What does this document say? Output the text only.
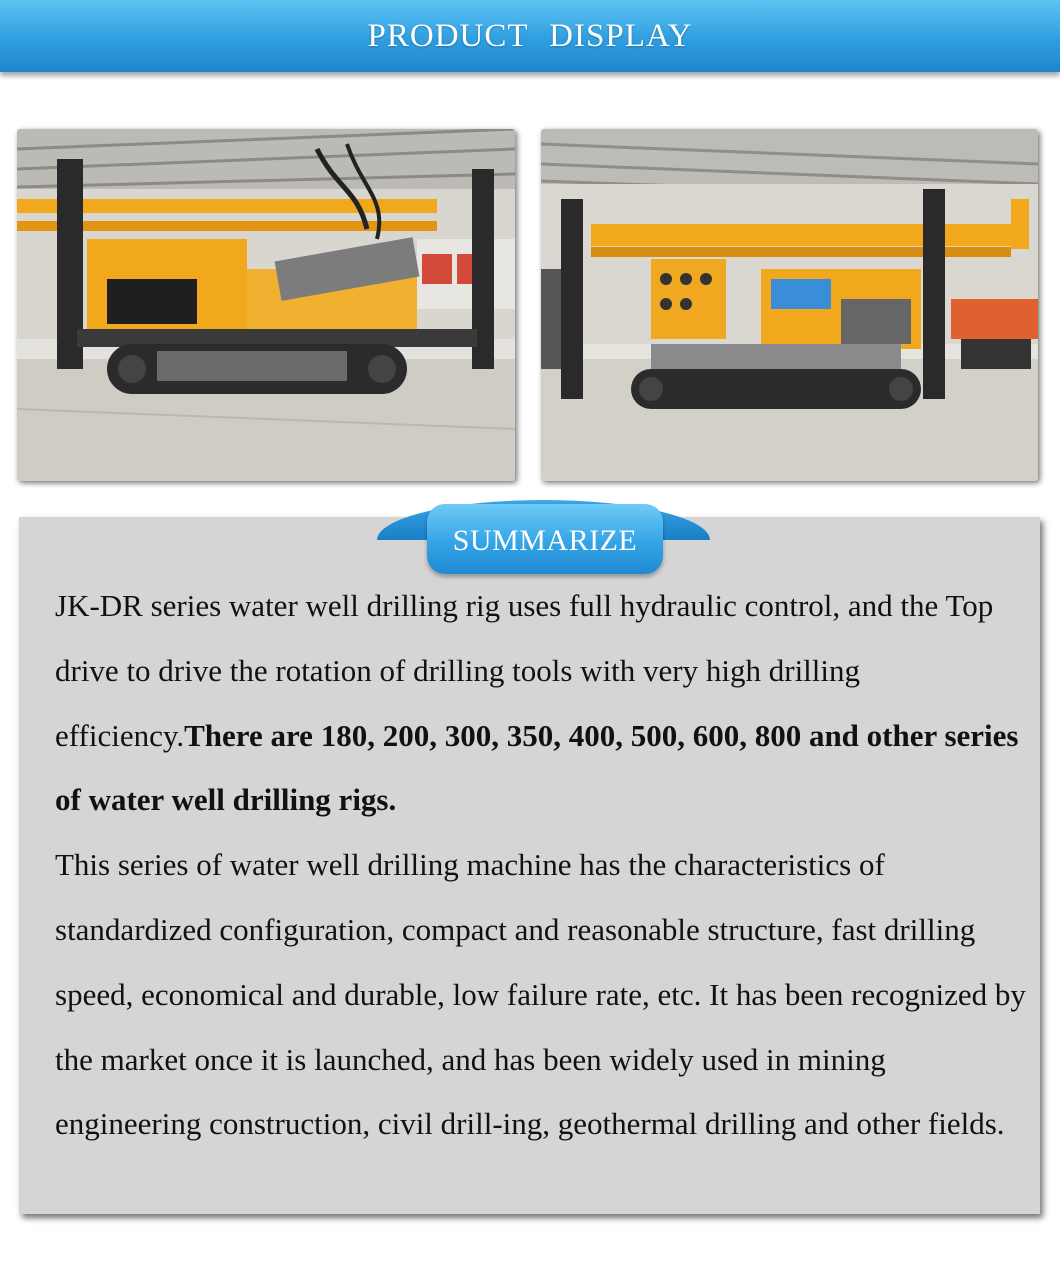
PRODUCT DISPLAY
SUMMARIZE

JK-DR series water well drilling rig uses full hydraulic control, and the Top drive to drive the rotation of drilling tools with very high drilling efficiency.There are 180, 200, 300, 350, 400, 500, 600, 800 and other series of water well drilling rigs.

This series of water well drilling machine has the characteristics of standardized configuration, compact and reasonable structure, fast drilling speed, economical and durable, low failure rate, etc. It has been recognized by the market once it is launched, and has been widely used in mining engineering construction, civil drill-ing, geothermal drilling and other fields.
